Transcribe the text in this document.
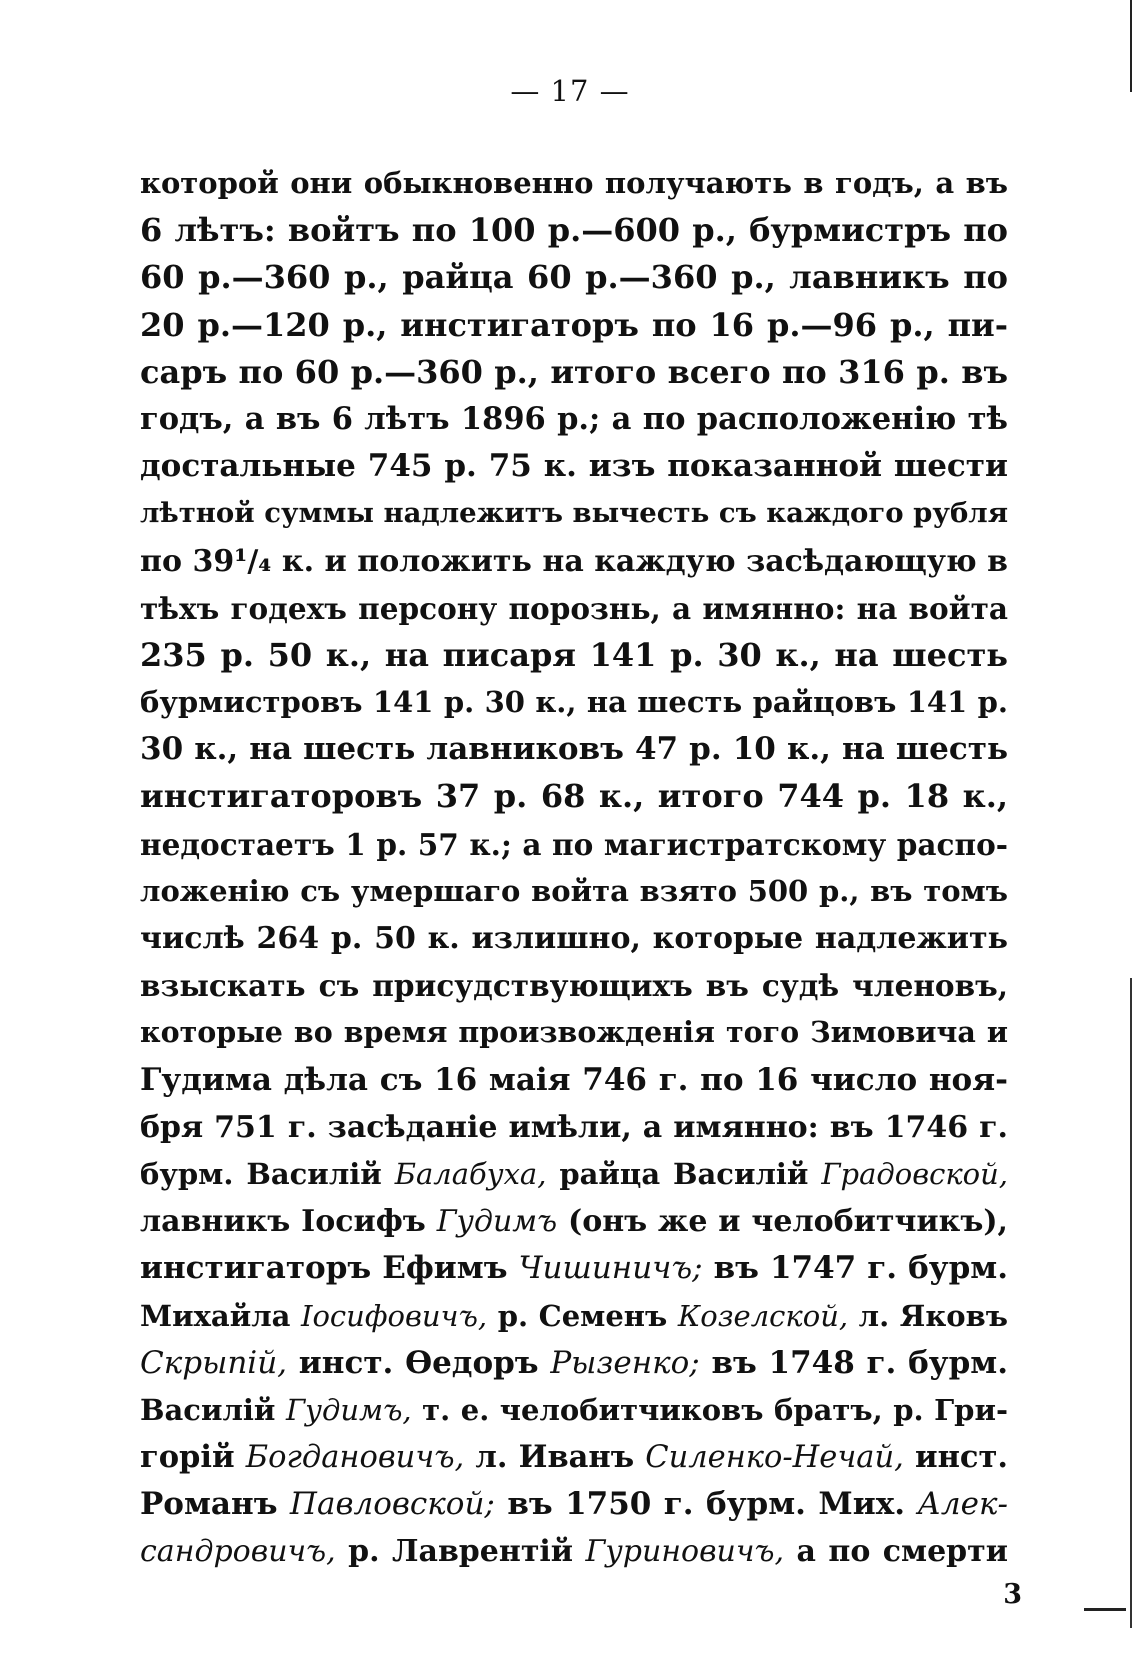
— 17 —
которой они обыкновенно получають в годъ, а въ
6 лѣтъ: войтъ по 100 р.—600 р., бурмистръ по
60 р.—360 р., райца 60 р.—360 р., лавникъ по
20 р.—120 р., инстигаторъ по 16 р.—96 р., пи-
саръ по 60 р.—360 р., итого всего по 316 р. въ
годъ, а въ 6 лѣтъ 1896 р.; а по расположенію тѣ
достальные 745 р. 75 к. изъ показанной шести
лѣтной суммы надлежитъ вычесть съ каждого рубля
по 39¹/₄ к. и положить на каждую засѣдающую в
тѣхъ годехъ персону порознь, а имянно: на войта
235 р. 50 к., на писаря 141 р. 30 к., на шесть
бурмистровъ 141 р. 30 к., на шесть райцовъ 141 р.
30 к., на шесть лавниковъ 47 р. 10 к., на шесть
инстигаторовъ 37 р. 68 к., итого 744 р. 18 к.,
недостаетъ 1 р. 57 к.; а по магистратскому распо-
ложенію съ умершаго войта взято 500 р., въ томъ
числѣ 264 р. 50 к. излишно, которые надлежить
взыскать съ присудствующихъ въ судѣ членовъ,
которые во время произвожденія того Зимовича и
Гудима дѣла съ 16 маія 746 г. по 16 число ноя-
бря 751 г. засѣданіе имѣли, а имянно: въ 1746 г.
бурм. Василій Балабуха, райца Василій Градовской,
лавникъ Іосифъ Гудимъ (онъ же и челобитчикъ),
инстигаторъ Ефимъ Чишиничъ; въ 1747 г. бурм.
Михайла Іосифовичъ, р. Семенъ Козелской, л. Яковъ
Скрыпій, инст. Өедоръ Рызенко; въ 1748 г. бурм.
Василій Гудимъ, т. е. челобитчиковъ братъ, р. Гри-
горій Богдановичъ, л. Иванъ Силенко-Нечай, инст.
Романъ Павловской; въ 1750 г. бурм. Мих. Алек-
сандровичъ, р. Лаврентій Гуриновичъ, а по смерти
3
